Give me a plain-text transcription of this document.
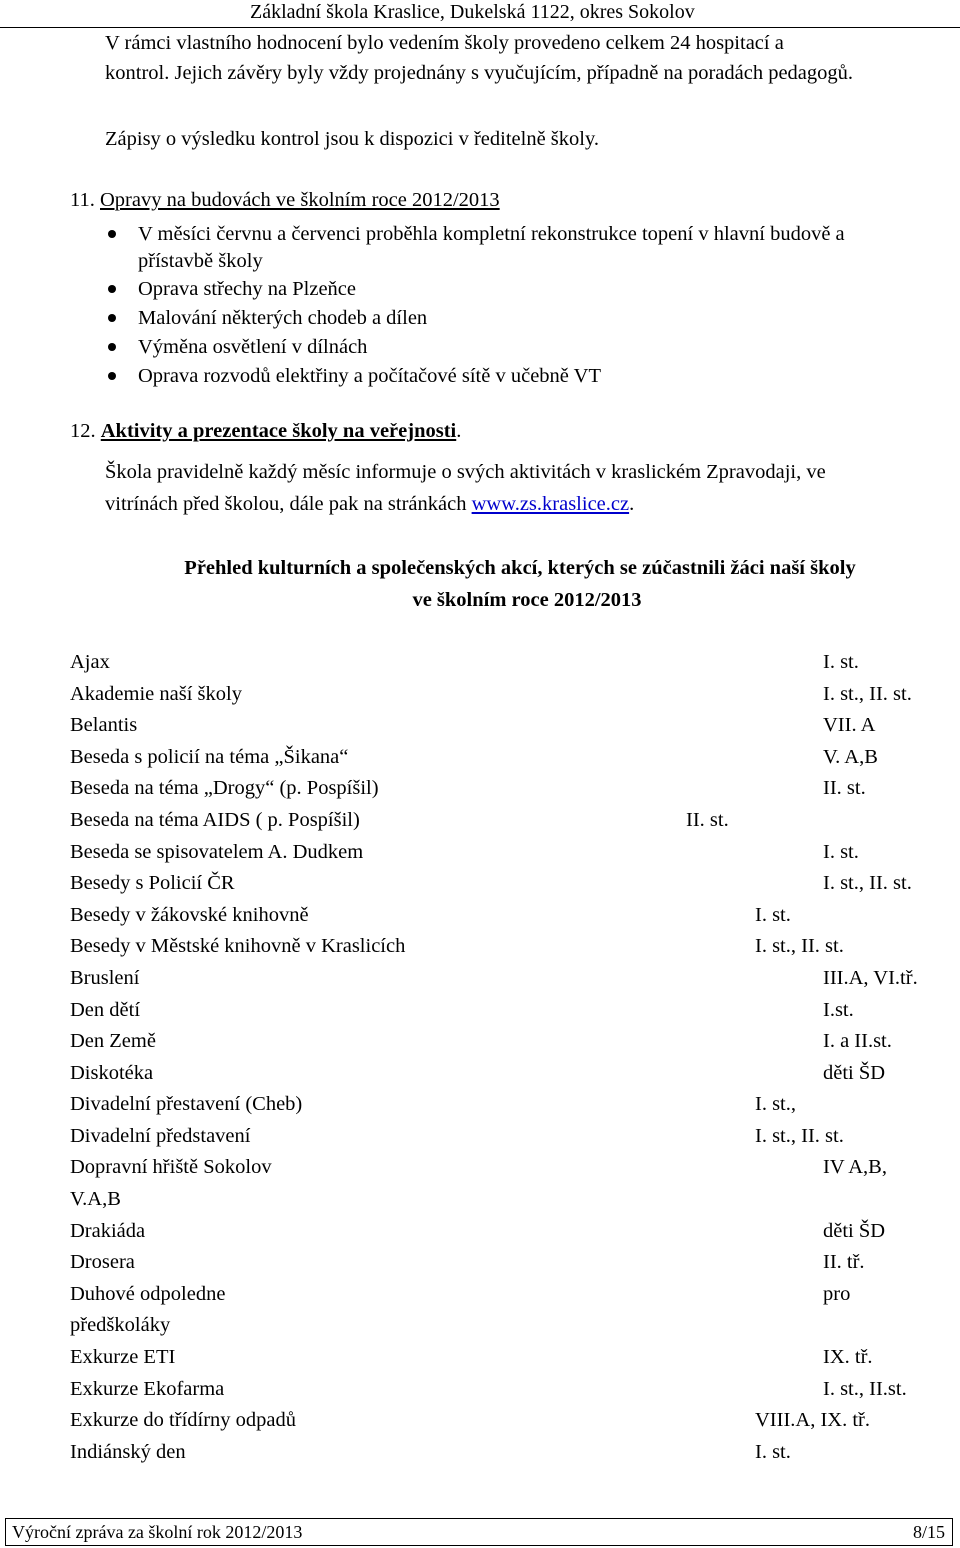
Základní škola Kraslice, Dukelská 1122, okres Sokolov
V rámci vlastního hodnocení bylo vedením školy provedeno celkem 24 hospitací a
kontrol. Jejich závěry byly vždy projednány s vyučujícím, případně na poradách pedagogů.
Zápisy o výsledku kontrol jsou k dispozici v ředitelně školy.
11. Opravy na budovách ve školním roce 2012/2013
V měsíci červnu a červenci proběhla kompletní rekonstrukce topení v hlavní budově a
přístavbě školy
Oprava střechy na Plzeňce
Malování některých chodeb a dílen
Výměna osvětlení v dílnách
Oprava rozvodů elektřiny a počítačové sítě v učebně VT
12. Aktivity a prezentace školy na veřejnosti.
Škola pravidelně každý měsíc informuje o svých aktivitách v kraslickém Zpravodaji, ve
vitrínách před školou, dále pak na stránkách www.zs.kraslice.cz.
Přehled kulturních a společenských akcí, kterých se zúčastnili žáci naší školy
ve školním roce 2012/2013
Ajax	I. st.
Akademie naší školy	I. st., II. st.
Belantis	VII. A
Beseda s policií na téma „Šikana“	V. A,B
Beseda na téma „Drogy“ (p. Pospíšil)	II. st.
Beseda na téma AIDS ( p. Pospíšil)	II. st.
Beseda se spisovatelem A. Dudkem	I. st.
Besedy s Policií ČR	I. st., II. st.
Besedy v žákovské knihovně	I. st.
Besedy v Městské knihovně v Kraslicích	I. st., II. st.
Bruslení	III.A, VI.tř.
Den dětí	I.st.
Den Země	I. a II.st.
Diskotéka	děti ŠD
Divadelní přestavení (Cheb)	I. st.,
Divadelní představení	I. st., II. st.
Dopravní hřiště Sokolov	IV A,B,
V.A,B
Drakiáda	děti ŠD
Drosera	II. tř.
Duhové odpoledne	pro
předškoláky
Exkurze ETI	IX. tř.
Exkurze Ekofarma	I. st., II.st.
Exkurze do třídírny odpadů	VIII.A, IX. tř.
Indiánský den	I. st.
Výroční zpráva za školní rok 2012/2013	8/15
